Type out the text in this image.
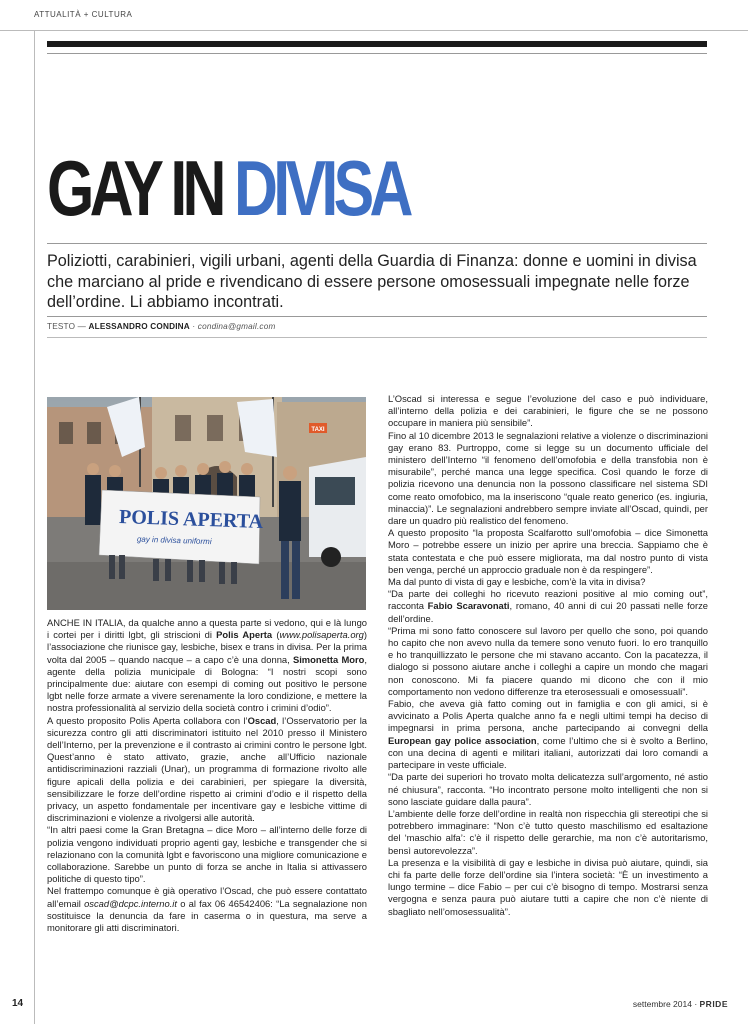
ATTUALITÀ + CULTURA
GAY IN DIVISA

Poliziotti, carabinieri, vigili urbani, agenti della Guardia di Finanza: donne e uomini in divisa che marciano al pride e rivendicano di essere persone omosessuali impegnate nelle forze dell’ordine. Li abbiamo incontrati.

TESTO — ALESSANDRO CONDINA · condina@gmail.com
TAXI
POLIS APERTA
gay in divisa uniformi

ANCHE IN ITALIA, da qualche anno a questa parte si vedono, qui e là lungo i cortei per i diritti lgbt, gli striscioni di Polis Aperta (www.polisaperta.org) l’associazione che riunisce gay, lesbiche, bisex e trans in divisa. Per la prima volta dal 2005 – quando nacque – a capo c’è una donna, Simonetta Moro, agente della polizia municipale di Bologna: “I nostri scopi sono principalmente due: aiutare con esempi di coming out positivo le persone lgbt nelle forze armate a vivere serenamente la loro condizione, e mettere la nostra professionalità al servizio della società contro i crimini d’odio”.

A questo proposito Polis Aperta collabora con l’Oscad, l’Osservatorio per la sicurezza contro gli atti discriminatori istituito nel 2010 presso il Ministero dell’Interno, per la prevenzione e il contrasto ai crimini contro le persone lgbt. Quest’anno è stato attivato, grazie, anche all’Ufficio nazionale antidiscriminazioni razziali (Unar), un programma di formazione rivolto alle figure apicali della polizia e dei carabinieri, per spiegare la diversità, sensibilizzare le forze dell’ordine rispetto ai crimini d’odio e il rispetto della privacy, un aspetto fondamentale per incentivare gay e lesbiche vittime di discriminazioni e violenze a rivolgersi alle autorità.

“In altri paesi come la Gran Bretagna – dice Moro – all’interno delle forze di polizia vengono individuati proprio agenti gay, lesbiche e transgender che si relazionano con la comunità lgbt e favoriscono una migliore comunicazione e collaborazione. Sarebbe un punto di forza se anche in Italia si attivassero politiche di questo tipo”.

Nel frattempo comunque è già operativo l’Oscad, che può essere contattato all’email oscad@dcpc.interno.it o al fax 06 46542406: “La segnalazione non sostituisce la denuncia da fare in caserma o in questura, ma serve a monitorare gli atti discriminatori.

L’Oscad si interessa e segue l’evoluzione del caso e può individuare, all’interno della polizia e dei carabinieri, le figure che se ne possono occupare in maniera più sensibile”.

Fino al 10 dicembre 2013 le segnalazioni relative a violenze o discriminazioni gay erano 83. Purtroppo, come si legge su un documento ufficiale del ministero dell’Interno “il fenomeno dell’omofobia e della transfobia non è misurabile”, perché manca una legge specifica. Così quando le forze di polizia ricevono una denuncia non la possono classificare nel sistema SDI come reato omofobico, ma la inseriscono “quale reato generico (es. ingiuria, minaccia)”. Le segnalazioni andrebbero sempre inviate all’Oscad, quindi, per dare un quadro più realistico del fenomeno.

A questo proposito “la proposta Scalfarotto sull’omofobia – dice Simonetta Moro – potrebbe essere un inizio per aprire una breccia. Sappiamo che è stata contestata e che può essere migliorata, ma dal nostro punto di vista ben venga, perché un approccio graduale non è da respingere”.

Ma dal punto di vista di gay e lesbiche, com’è la vita in divisa?

“Da parte dei colleghi ho ricevuto reazioni positive al mio coming out”, racconta Fabio Scaravonati, romano, 40 anni di cui 20 passati nelle forze dell’ordine.

“Prima mi sono fatto conoscere sul lavoro per quello che sono, poi quando ho capito che non avevo nulla da temere sono venuto fuori. Io ero tranquillo e ho tranquillizzato le persone che mi stavano accanto. Con la pacatezza, il dialogo si possono aiutare anche i colleghi a capire un mondo che magari non conoscono. Mi fa piacere quando mi dicono che con il mio comportamento non vedono differenze tra eterosessuali e omosessuali”.

Fabio, che aveva già fatto coming out in famiglia e con gli amici, si è avvicinato a Polis Aperta qualche anno fa e negli ultimi tempi ha deciso di impegnarsi in prima persona, anche partecipando ai convegni della European gay police association, come l’ultimo che si è svolto a Berlino, con una decina di agenti e militari italiani, autorizzati dai loro comandi a partecipare in veste ufficiale.

“Da parte dei superiori ho trovato molta delicatezza sull’argomento, né astio né chiusura”, racconta. “Ho incontrato persone molto intelligenti che non si sono lasciate guidare dalla paura”.

L’ambiente delle forze dell’ordine in realtà non rispecchia gli stereotipi che si potrebbero immaginare: “Non c’è tutto questo maschilismo ed esaltazione del ‘maschio alfa’: c’è il rispetto delle gerarchie, ma non c’è autoritarismo, bensì autorevolezza”.

La presenza e la visibilità di gay e lesbiche in divisa può aiutare, quindi, sia chi fa parte delle forze dell’ordine sia l’intera società: “È un investimento a lungo termine – dice Fabio – per cui c’è bisogno di tempo. Mostrarsi senza vergogna e senza paura può aiutare tutti a capire che non c’è niente di sbagliato nell’omosessualità”.

14	settembre 2014 · PRIDE
